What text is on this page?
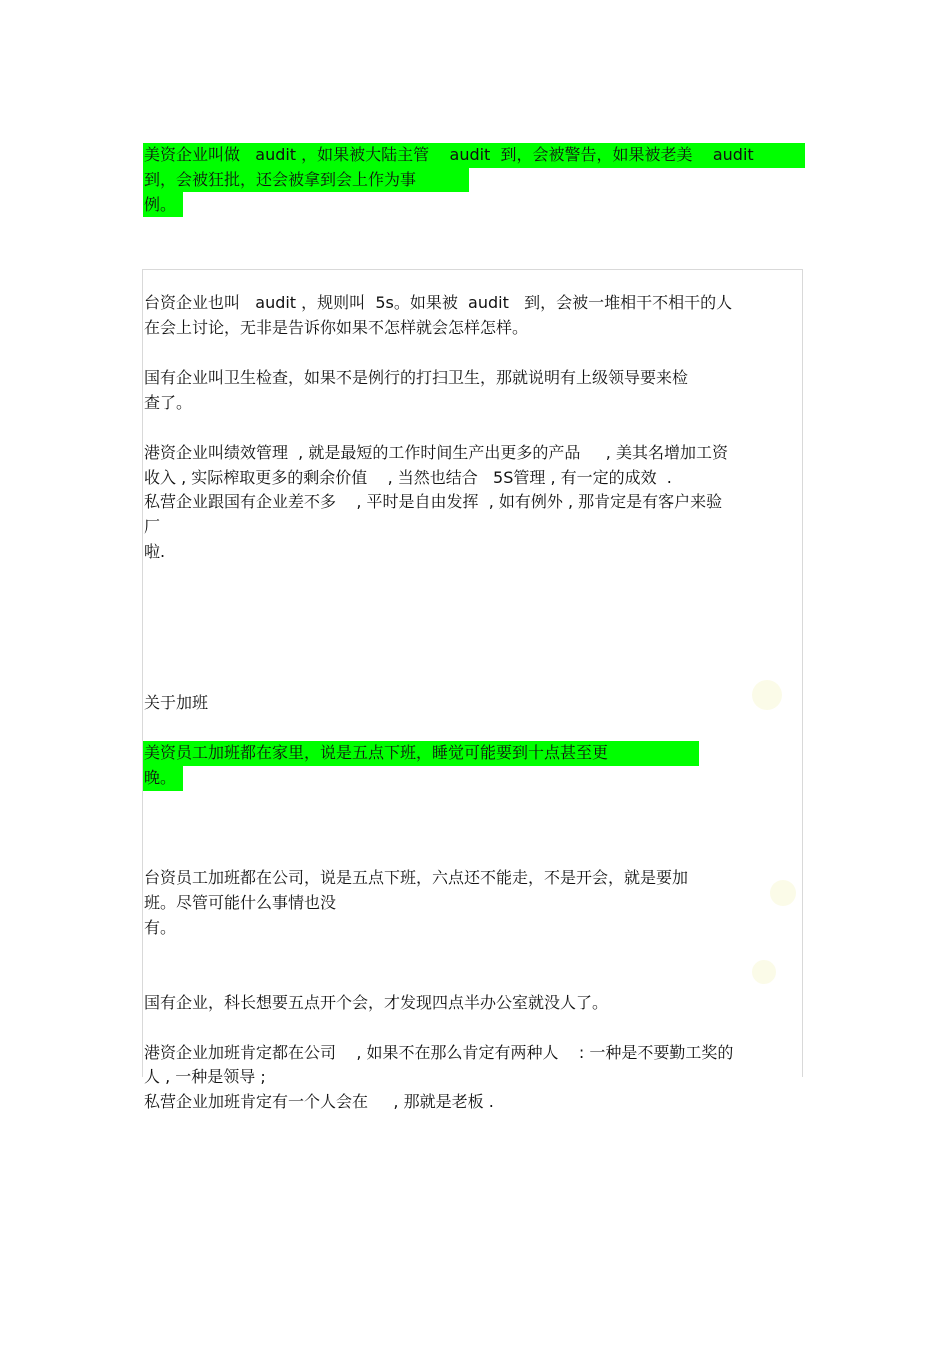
美资企业叫做   audit ，如果被大陆主管    audit  到，会被警告，如果被老美    audit
到，会被狂批，还会被拿到会上作为事
例。
台资企业也叫   audit ，规则叫  5s。如果被  audit   到，会被一堆相干不相干的人
在会上讨论，无非是告诉你如果不怎样就会怎样怎样。
国有企业叫卫生检查，如果不是例行的打扫卫生，那就说明有上级领导要来检
查了。
港资企业叫绩效管理  , 就是最短的工作时间生产出更多的产品     , 美其名增加工资
收入 , 实际榨取更多的剩余价值    , 当然也结合   5S管理 , 有一定的成效  .
私营企业跟国有企业差不多    , 平时是自由发挥  , 如有例外 , 那肯定是有客户来验
厂
啦.
关于加班
美资员工加班都在家里，说是五点下班，睡觉可能要到十点甚至更
晚。
台资员工加班都在公司，说是五点下班，六点还不能走，不是开会，就是要加
班。尽管可能什么事情也没
有。
国有企业，科长想要五点开个会，才发现四点半办公室就没人了。
港资企业加班肯定都在公司    , 如果不在那么肯定有两种人    : 一种是不要勤工奖的
人 , 一种是领导 ;
私营企业加班肯定有一个人会在     , 那就是老板 .
